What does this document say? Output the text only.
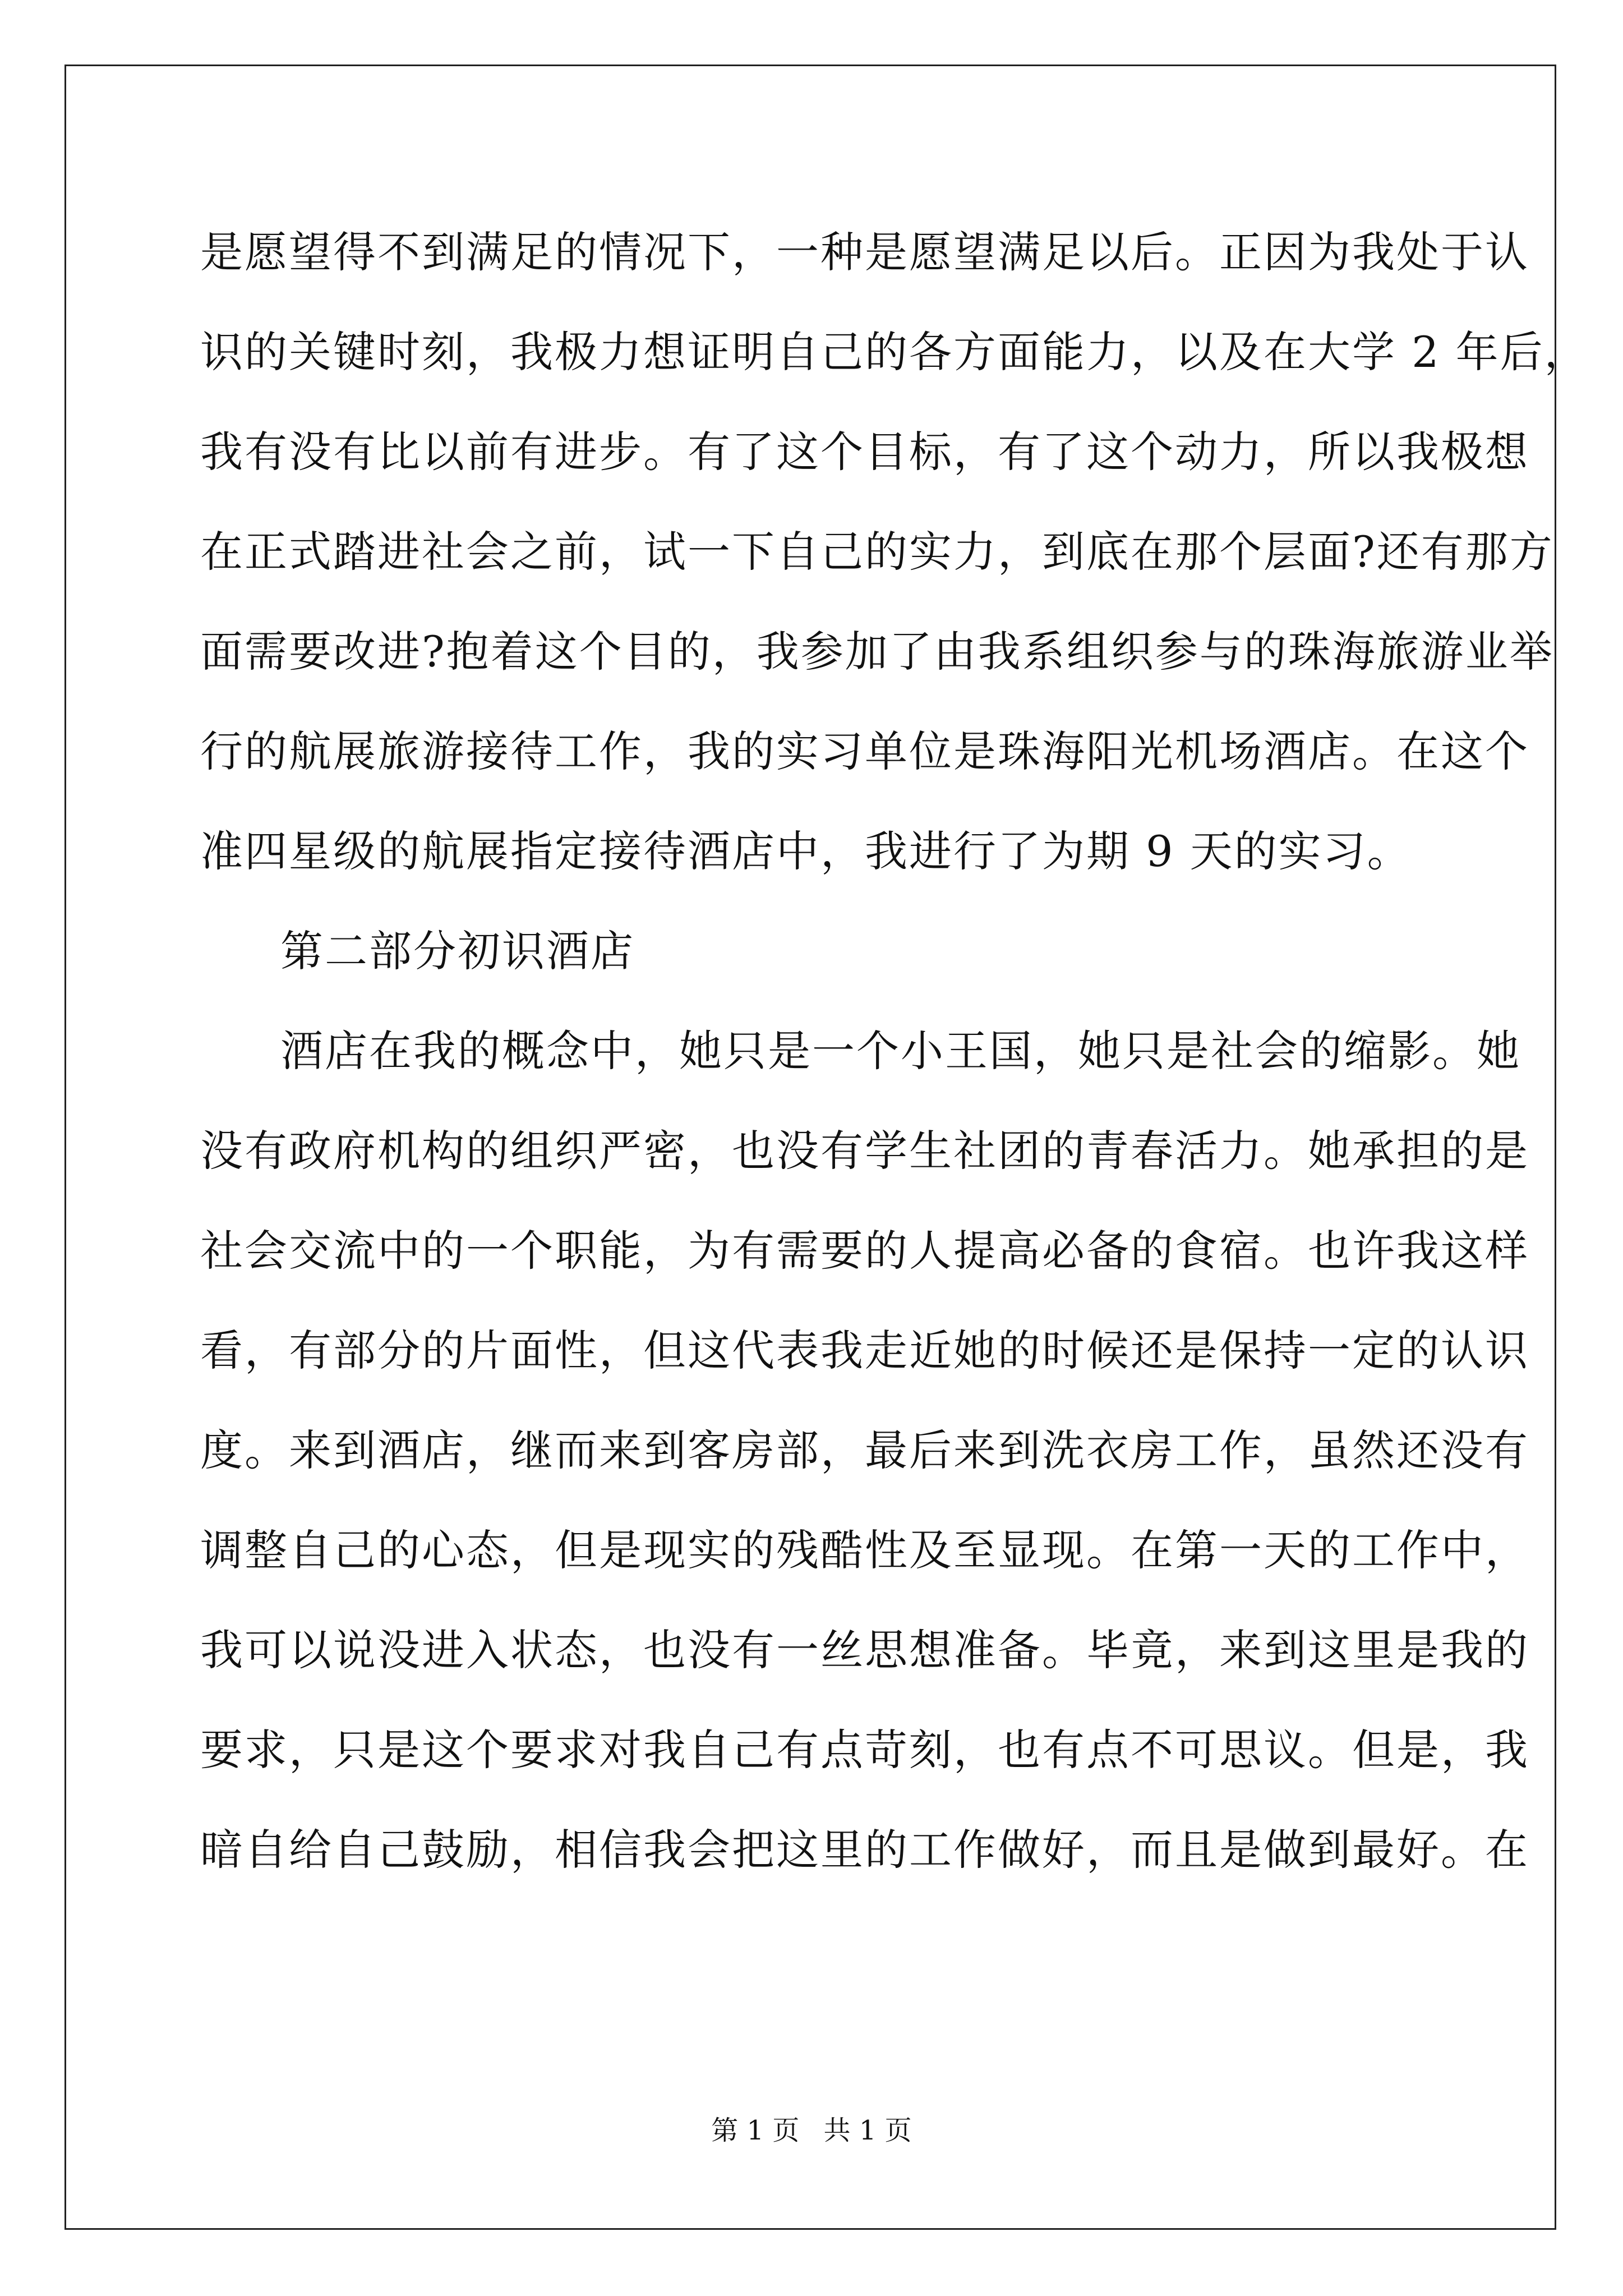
是愿望得不到满足的情况下，一种是愿望满足以后。正因为我处于认
识的关键时刻，我极力想证明自己的各方面能力，以及在大学 2 年后，
我有没有比以前有进步。有了这个目标，有了这个动力，所以我极想
在正式踏进社会之前，试一下自己的实力，到底在那个层面?还有那方
面需要改进?抱着这个目的，我参加了由我系组织参与的珠海旅游业举
行的航展旅游接待工作，我的实习单位是珠海阳光机场酒店。在这个
准四星级的航展指定接待酒店中，我进行了为期 9 天的实习。
第二部分初识酒店
酒店在我的概念中，她只是一个小王国，她只是社会的缩影。她
没有政府机构的组织严密，也没有学生社团的青春活力。她承担的是
社会交流中的一个职能，为有需要的人提高必备的食宿。也许我这样
看，有部分的片面性，但这代表我走近她的时候还是保持一定的认识
度。来到酒店，继而来到客房部，最后来到洗衣房工作，虽然还没有
调整自己的心态，但是现实的残酷性及至显现。在第一天的工作中，
我可以说没进入状态，也没有一丝思想准备。毕竟，来到这里是我的
要求，只是这个要求对我自己有点苛刻，也有点不可思议。但是，我
暗自给自己鼓励，相信我会把这里的工作做好，而且是做到最好。在
第 1 页 共 1 页
